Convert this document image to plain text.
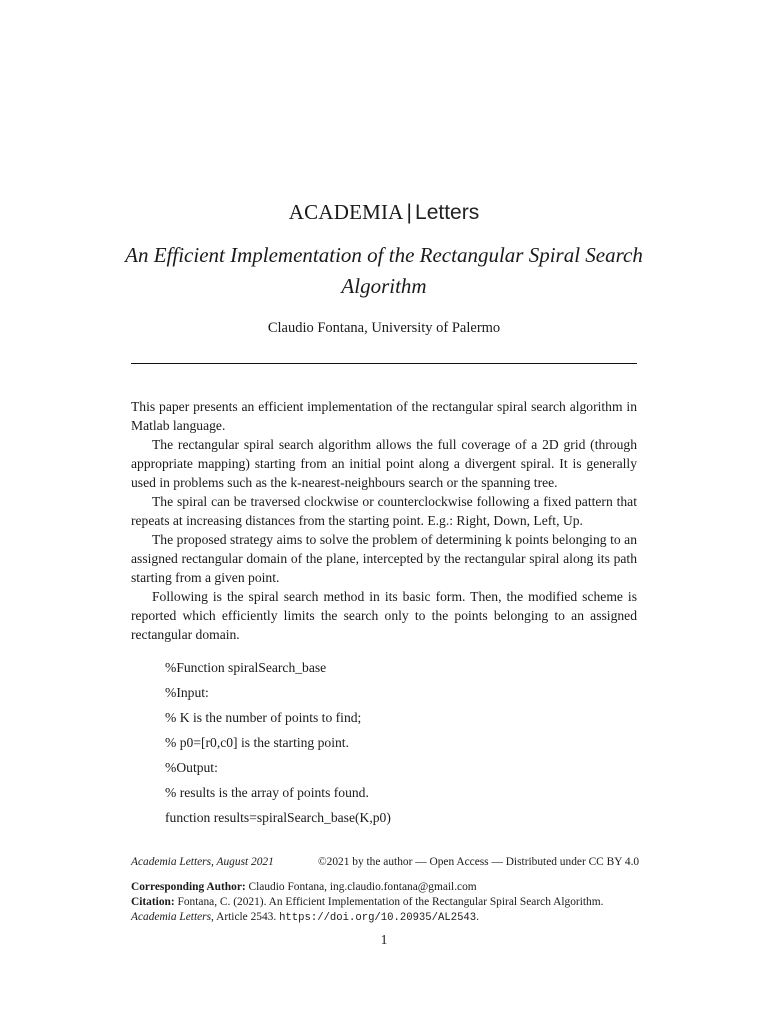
ACADEMIA | Letters
An Efficient Implementation of the Rectangular Spiral Search Algorithm
Claudio Fontana, University of Palermo

This paper presents an efficient implementation of the rectangular spiral search algorithm in Matlab language.

The rectangular spiral search algorithm allows the full coverage of a 2D grid (through appropriate mapping) starting from an initial point along a divergent spiral. It is generally used in problems such as the k-nearest-neighbours search or the spanning tree.

The spiral can be traversed clockwise or counterclockwise following a fixed pattern that repeats at increasing distances from the starting point. E.g.: Right, Down, Left, Up.

The proposed strategy aims to solve the problem of determining k points belonging to an assigned rectangular domain of the plane, intercepted by the rectangular spiral along its path starting from a given point.

Following is the spiral search method in its basic form. Then, the modified scheme is reported which efficiently limits the search only to the points belonging to an assigned rectangular domain.

%Function spiralSearch_base
%Input:
% K is the number of points to find;
% p0=[r0,c0] is the starting point.
%Output:
% results is the array of points found.
function results=spiralSearch_base(K,p0)
Academia Letters, August 2021	©2021 by the author — Open Access — Distributed under CC BY 4.0
Corresponding Author: Claudio Fontana, ing.claudio.fontana@gmail.com
Citation: Fontana, C. (2021). An Efficient Implementation of the Rectangular Spiral Search Algorithm.
Academia Letters, Article 2543. https://doi.org/10.20935/AL2543.
1
